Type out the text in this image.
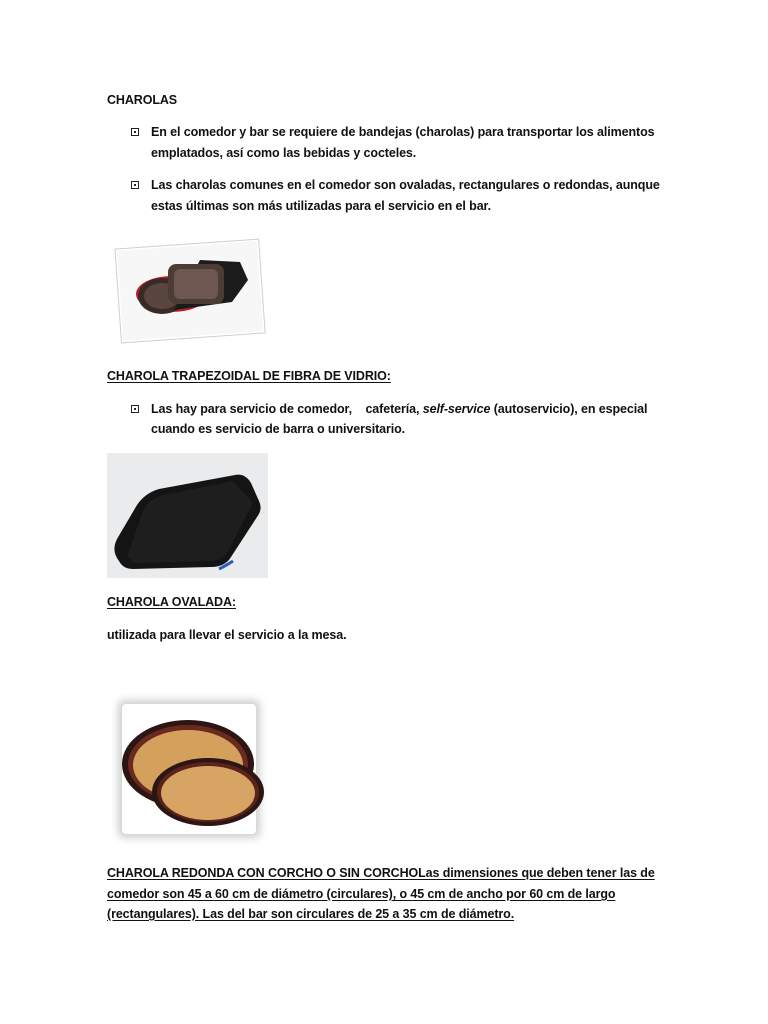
CHAROLAS
En el comedor y bar se requiere de bandejas (charolas) para transportar los alimentos
emplatados, así como las bebidas y cocteles.
Las charolas comunes en el comedor son ovaladas, rectangulares o redondas, aunque
estas últimas son más utilizadas para el servicio en el bar.
CHAROLA TRAPEZOIDAL DE FIBRA DE VIDRIO:
Las hay para servicio de comedor,    cafetería, self-service (autoservicio), en especial
cuando es servicio de barra o universitario.
CHAROLA OVALADA:
utilizada para llevar el servicio a la mesa.
CHAROLA REDONDA CON CORCHO O SIN CORCHOLas dimensiones que deben tener las de
comedor son 45 a 60 cm de diámetro (circulares), o 45 cm de ancho por 60 cm de largo
(rectangulares). Las del bar son circulares de 25 a 35 cm de diámetro.
